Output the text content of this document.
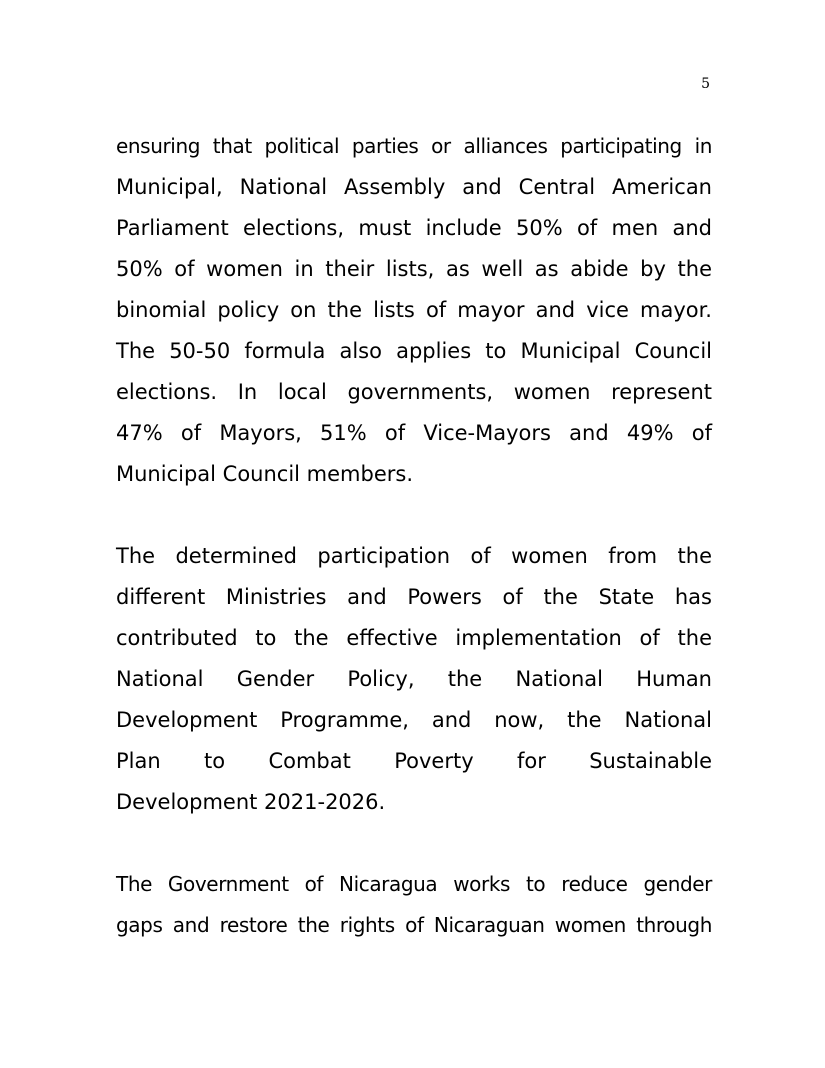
5
ensuring that political parties or alliances participating in
Municipal, National Assembly and Central American
Parliament elections, must include 50% of men and
50% of women in their lists, as well as abide by the
binomial policy on the lists of mayor and vice mayor.
The 50-50 formula also applies to Municipal Council
elections. In local governments, women represent
47% of Mayors, 51% of Vice-Mayors and 49% of
Municipal Council members.
The determined participation of women from the
different Ministries and Powers of the State has
contributed to the effective implementation of the
National Gender Policy, the National Human
Development Programme, and now, the National
Plan to Combat Poverty for Sustainable
Development 2021-2026.
The Government of Nicaragua works to reduce gender
gaps and restore the rights of Nicaraguan women through
